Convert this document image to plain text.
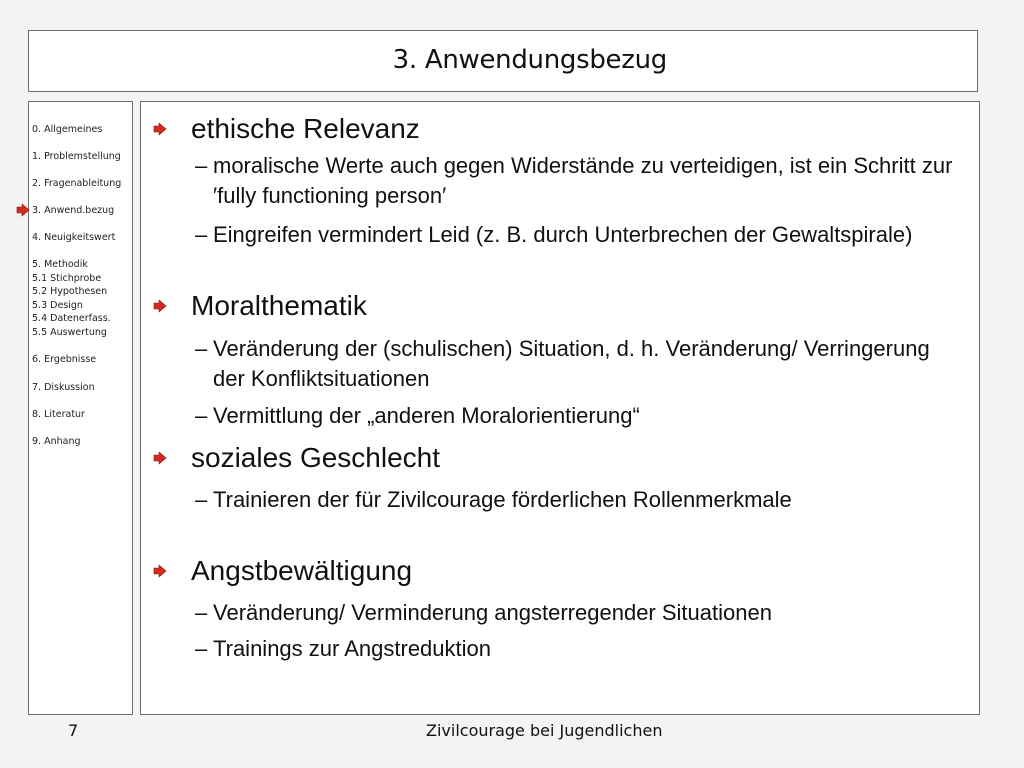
3. Anwendungsbezug
0. Allgemeines
1. Problemstellung
2. Fragenableitung
3. Anwend.bezug
4. Neuigkeitswert
5. Methodik
5.1 Stichprobe
5.2 Hypothesen
5.3 Design
5.4 Datenerfass.
5.5 Auswertung
6. Ergebnisse
7. Diskussion
8. Literatur
9. Anhang
ethische Relevanz
– moralische Werte auch gegen Widerstände zu verteidigen, ist ein Schritt zur ′fully functioning person′
– Eingreifen vermindert Leid (z. B. durch Unterbrechen der Gewaltspirale)
Moralthematik
– Veränderung der (schulischen) Situation, d. h. Veränderung/ Verringerung der Konfliktsituationen
– Vermittlung der „anderen Moralorientierung“
soziales Geschlecht
– Trainieren der für Zivilcourage förderlichen Rollenmerkmale
Angstbewältigung
– Veränderung/ Verminderung angsterregender Situationen
– Trainings zur Angstreduktion
7	Zivilcourage bei Jugendlichen
